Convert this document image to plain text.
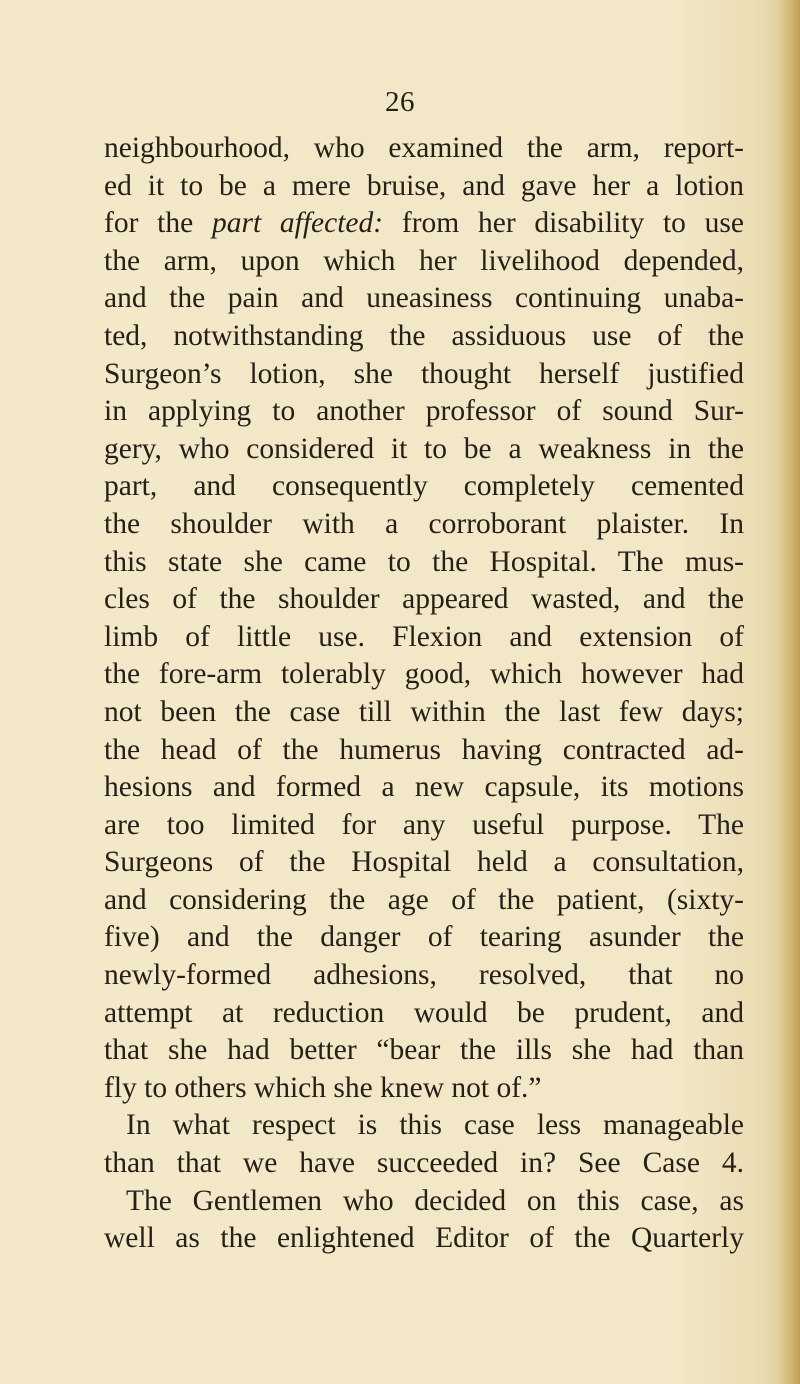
26
neighbourhood, who examined the arm, report-
ed it to be a mere bruise, and gave her a lotion
for the part affected: from her disability to use
the arm, upon which her livelihood depended,
and the pain and uneasiness continuing unaba-
ted, notwithstanding the assiduous use of the
Surgeon’s lotion, she thought herself justified
in applying to another professor of sound Sur-
gery, who considered it to be a weakness in the
part, and consequently completely cemented
the shoulder with a corroborant plaister. In
this state she came to the Hospital. The mus-
cles of the shoulder appeared wasted, and the
limb of little use. Flexion and extension of
the fore-arm tolerably good, which however had
not been the case till within the last few days;
the head of the humerus having contracted ad-
hesions and formed a new capsule, its motions
are too limited for any useful purpose. The
Surgeons of the Hospital held a consultation,
and considering the age of the patient, (sixty-
five) and the danger of tearing asunder the
newly-formed adhesions, resolved, that no
attempt at reduction would be prudent, and
that she had better “bear the ills she had than
fly to others which she knew not of.”
In what respect is this case less manageable
than that we have succeeded in? See Case 4.
The Gentlemen who decided on this case, as
well as the enlightened Editor of the Quarterly
